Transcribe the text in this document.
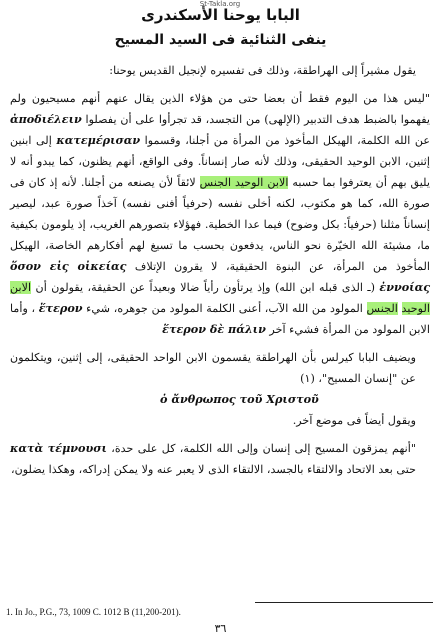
St-Takla.org
البابا يوحنا الأسكندرى
ينفى الثنائية فى السيد المسيح

يقول مشيراً إلى الهراطقة، وذلك فى تفسيره لإنجيل القديس يوحنا:

"ليس هذا من اليوم فقط أن بعضا حتى من هؤلاء الذين يقال عنهم أنهم مسيحيون ولم يفهموا بالضبط هدف التدبير (الإلهى) من التجسد، قد تجرأوا على أن يفصلوا ἀποδιέλειν عن الله الكلمة، الهيكل المأخوذ من المرأة من أجلنا، وقسموا κατεμέρισαν إلى ابنين إثنين، الابن الوحيد الحقيقى، وذلك لأنه صار إنساناً. وفى الواقع، أنهم يظنون، كما يبدو أنه لا يليق بهم أن يعترفوا بما حسبه الابن الوحيد الجنس لائقاً لأن يصنعه من أجلنا. لأنه إذ كان فى صورة الله، كما هو مكتوب، لكنه أخلى نفسه (حرفياً أفنى نفسه) آخذاً صورة عبد، ليصير إنساناً مثلنا (حرفياً: بكل وضوح) فيما عدا الخطية. فهؤلاء بتصورهم الغريب، إذ يلومون بكيفية ما، مشيئة الله الخيّرة نحو الناس، يدفعون بحسب ما تسيغ لهم أفكارهم الخاصة، الهيكل المأخوذ من المرأة، عن البنوة الحقيقية، لا يقرون الإتلاف ὅσον εἰς οἰκείας ἐννοίας (ـ الذى قبله ابن الله) وإذ يرتأون رأياً ضالا وبعيداً عن الحقيقة، يقولون أن الابن الوحيد الجنس المولود من الله الآب، أعنى الكلمة المولود من جوهره، شيء ἕτερον ، وأما الابن المولود من المرأة فشيء آخر ἕτερον δὲ πάλιν

ويضيف البابا كيرلس بأن الهراطقة يقسمون الابن الواحد الحقيقى، إلى إثنين، ويتكلمون عن "إنسان المسيح"، (١)

ὁ ἄνθρωπος τοῦ Χριστοῦ

ويقول أيضاً فى موضع آخر.

"أنهم يمزقون المسيح إلى إنسان وإلى الله الكلمة، كل على حدة، κατὰ τέμνουσι حتى بعد الاتحاد والالتقاء بالجسد، الالتقاء الذى لا يعبر عنه ولا يمكن إدراكه، وهكذا يضلون،

1. In Jo., P.G., 73, 1009 C. 1012 B (11,200‑201).
٣٦
